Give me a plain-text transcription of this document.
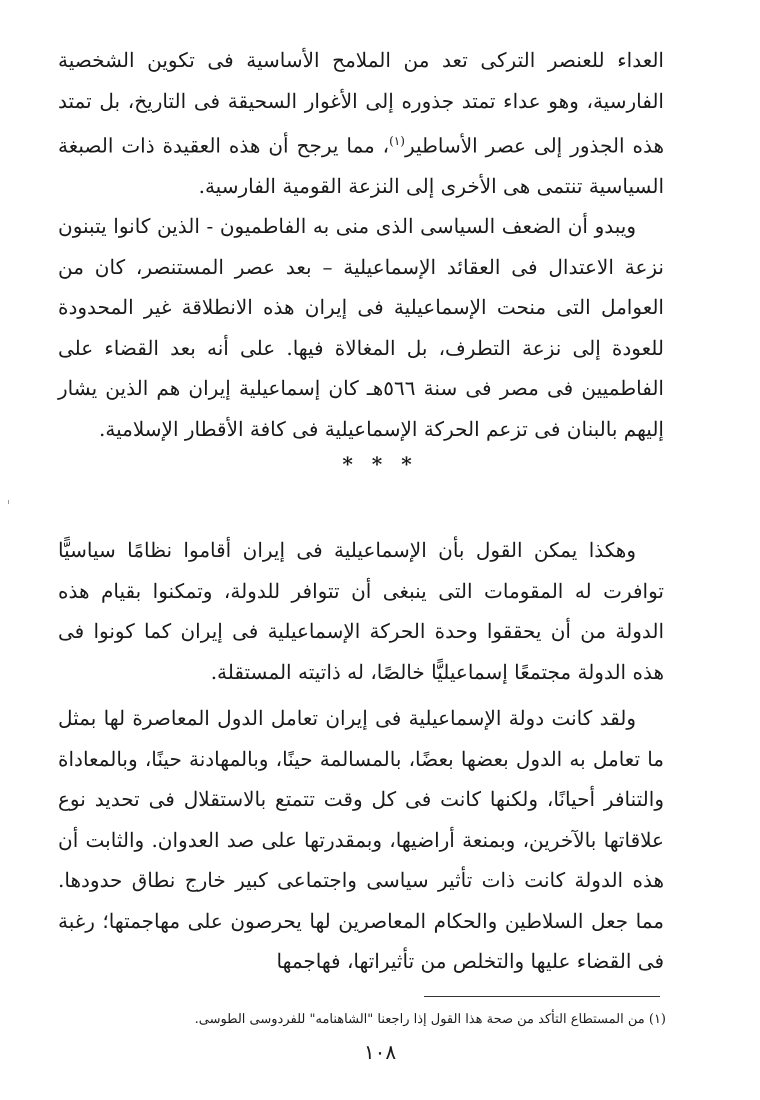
العداء للعنصر التركى تعد من الملامح الأساسية فى تكوين الشخصية الفارسية، وهو عداء تمتد جذوره إلى الأغوار السحيقة فى التاريخ، بل تمتد هذه الجذور إلى عصر الأساطير$^{(١)}$، مما يرجح أن هذه العقيدة ذات الصبغة السياسية تنتمى هى الأخرى إلى النزعة القومية الفارسية.

ويبدو أن الضعف السياسى الذى منى به الفاطميون - الذين كانوا يتبنون نزعة الاعتدال فى العقائد الإسماعيلية – بعد عصر المستنصر، كان من العوامل التى منحت الإسماعيلية فى إيران هذه الانطلاقة غير المحدودة للعودة إلى نزعة التطرف، بل المغالاة فيها. على أنه بعد القضاء على الفاطميين فى مصر فى سنة ٥٦٦هـ كان إسماعيلية إيران هم الذين يشار إليهم بالبنان فى تزعم الحركة الإسماعيلية فى كافة الأقطار الإسلامية.

* * *

وهكذا يمكن القول بأن الإسماعيلية فى إيران أقاموا نظامًا سياسيًّا توافرت له المقومات التى ينبغى أن تتوافر للدولة، وتمكنوا بقيام هذه الدولة من أن يحققوا وحدة الحركة الإسماعيلية فى إيران كما كونوا فى هذه الدولة مجتمعًا إسماعيليًّا خالصًا، له ذاتيته المستقلة.

ولقد كانت دولة الإسماعيلية فى إيران تعامل الدول المعاصرة لها بمثل ما تعامل به الدول بعضها بعضًا، بالمسالمة حينًا، وبالمهادنة حينًا، وبالمعاداة والتنافر أحيانًا، ولكنها كانت فى كل وقت تتمتع بالاستقلال فى تحديد نوع علاقاتها بالآخرين، وبمنعة أراضيها، وبمقدرتها على صد العدوان. والثابت أن هذه الدولة كانت ذات تأثير سياسى واجتماعى كبير خارج نطاق حدودها. مما جعل السلاطين والحكام المعاصرين لها يحرصون على مهاجمتها؛ رغبة فى القضاء عليها والتخلص من تأثيراتها، فهاجمها

(١) من المستطاع التأكد من صحة هذا القول إذا راجعنا "الشاهنامه" للفردوسى الطوسى.
١٠٨
